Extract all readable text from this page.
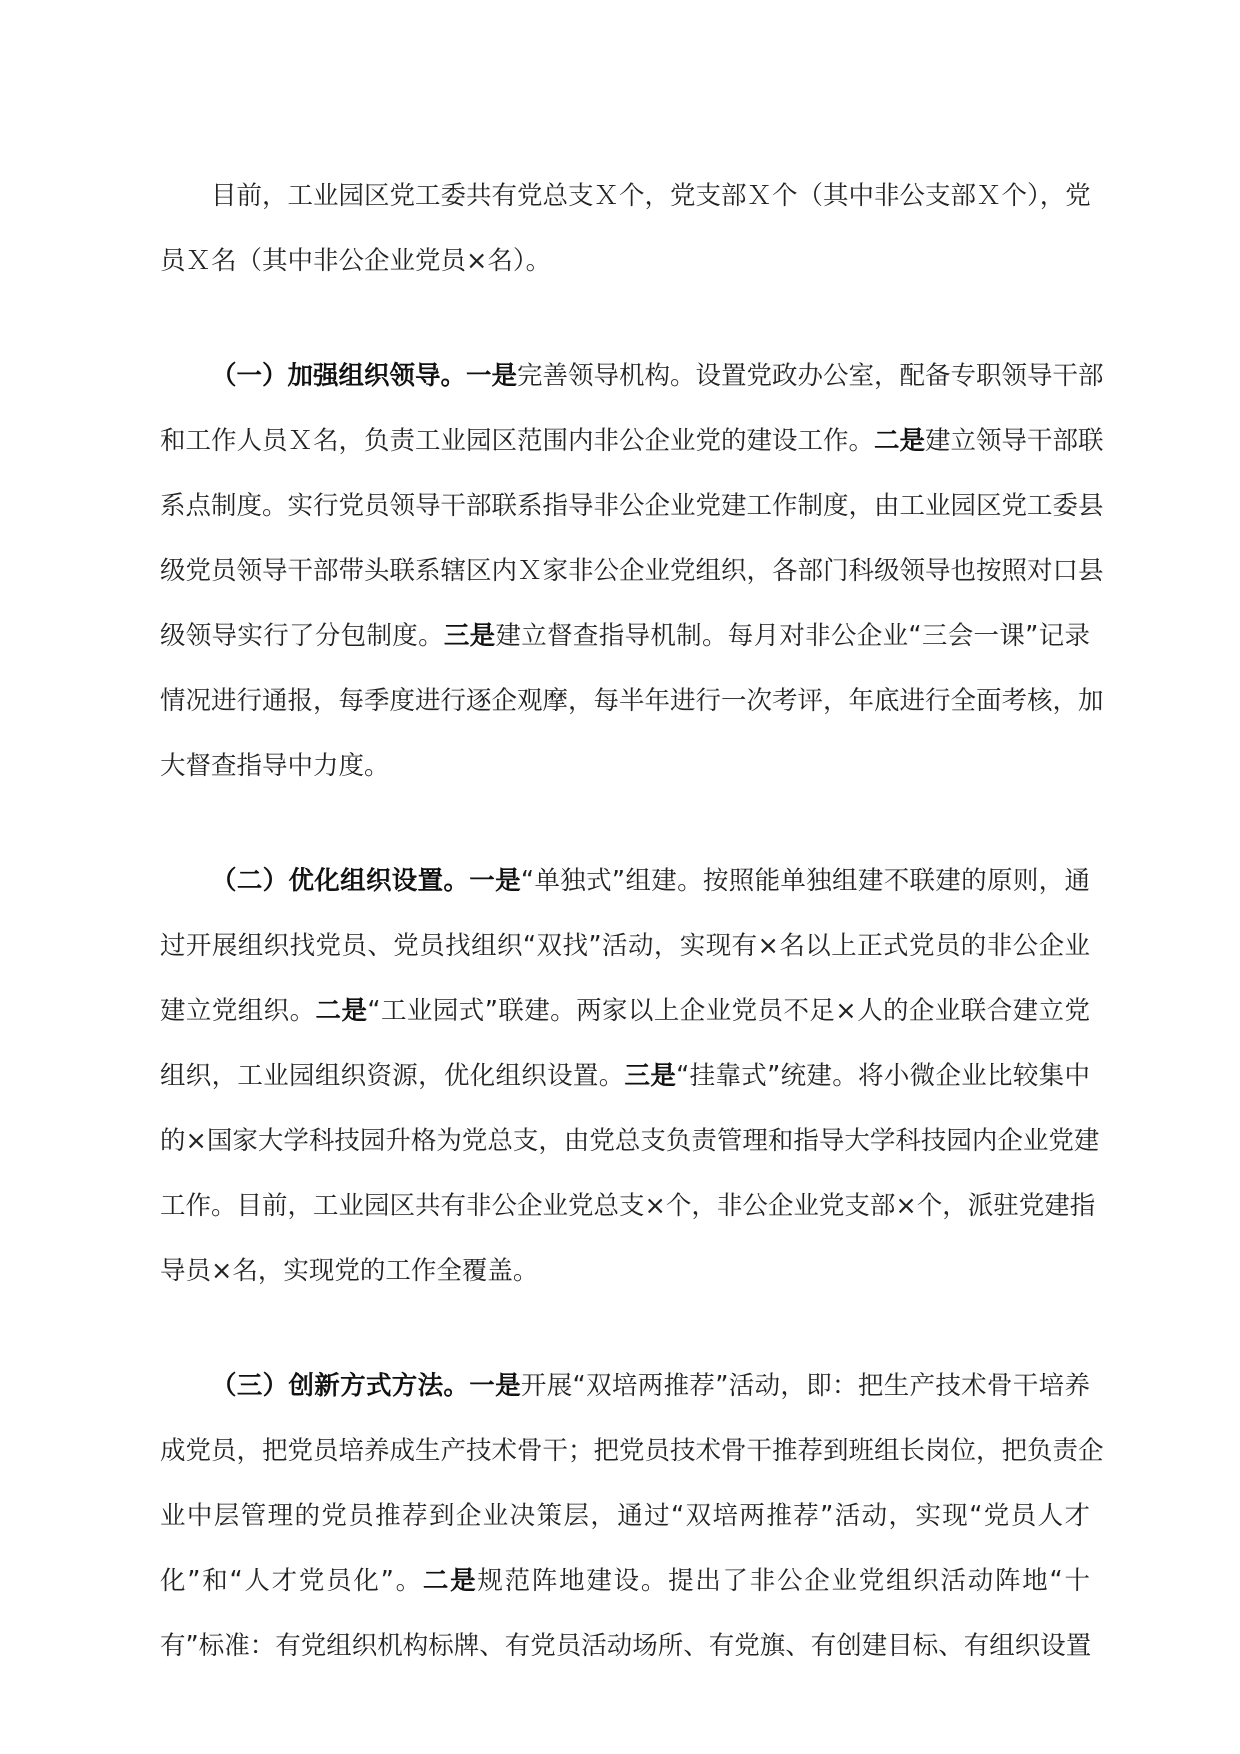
目前，工业园区党工委共有党总支Ｘ个，党支部Ｘ个（其中非公支部Ｘ个），党
员Ｘ名（其中非公企业党员×名）。
（一）加强组织领导。一是完善领导机构。设置党政办公室，配备专职领导干部
和工作人员Ｘ名，负责工业园区范围内非公企业党的建设工作。二是建立领导干部联
系点制度。实行党员领导干部联系指导非公企业党建工作制度，由工业园区党工委县
级党员领导干部带头联系辖区内Ｘ家非公企业党组织，各部门科级领导也按照对口县
级领导实行了分包制度。三是建立督查指导机制。每月对非公企业“三会一课”记录
情况进行通报，每季度进行逐企观摩，每半年进行一次考评，年底进行全面考核，加
大督查指导中力度。
（二）优化组织设置。一是“单独式”组建。按照能单独组建不联建的原则，通
过开展组织找党员、党员找组织“双找”活动，实现有×名以上正式党员的非公企业
建立党组织。二是“工业园式”联建。两家以上企业党员不足×人的企业联合建立党
组织，工业园组织资源，优化组织设置。三是“挂靠式”统建。将小微企业比较集中
的×国家大学科技园升格为党总支，由党总支负责管理和指导大学科技园内企业党建
工作。目前，工业园区共有非公企业党总支×个，非公企业党支部×个，派驻党建指
导员×名，实现党的工作全覆盖。
（三）创新方式方法。一是开展“双培两推荐”活动，即：把生产技术骨干培养
成党员，把党员培养成生产技术骨干；把党员技术骨干推荐到班组长岗位，把负责企
业中层管理的党员推荐到企业决策层，通过“双培两推荐”活动，实现“党员人才
化”和“人才党员化”。二是规范阵地建设。提出了非公企业党组织活动阵地“十
有”标准：有党组织机构标牌、有党员活动场所、有党旗、有创建目标、有组织设置
